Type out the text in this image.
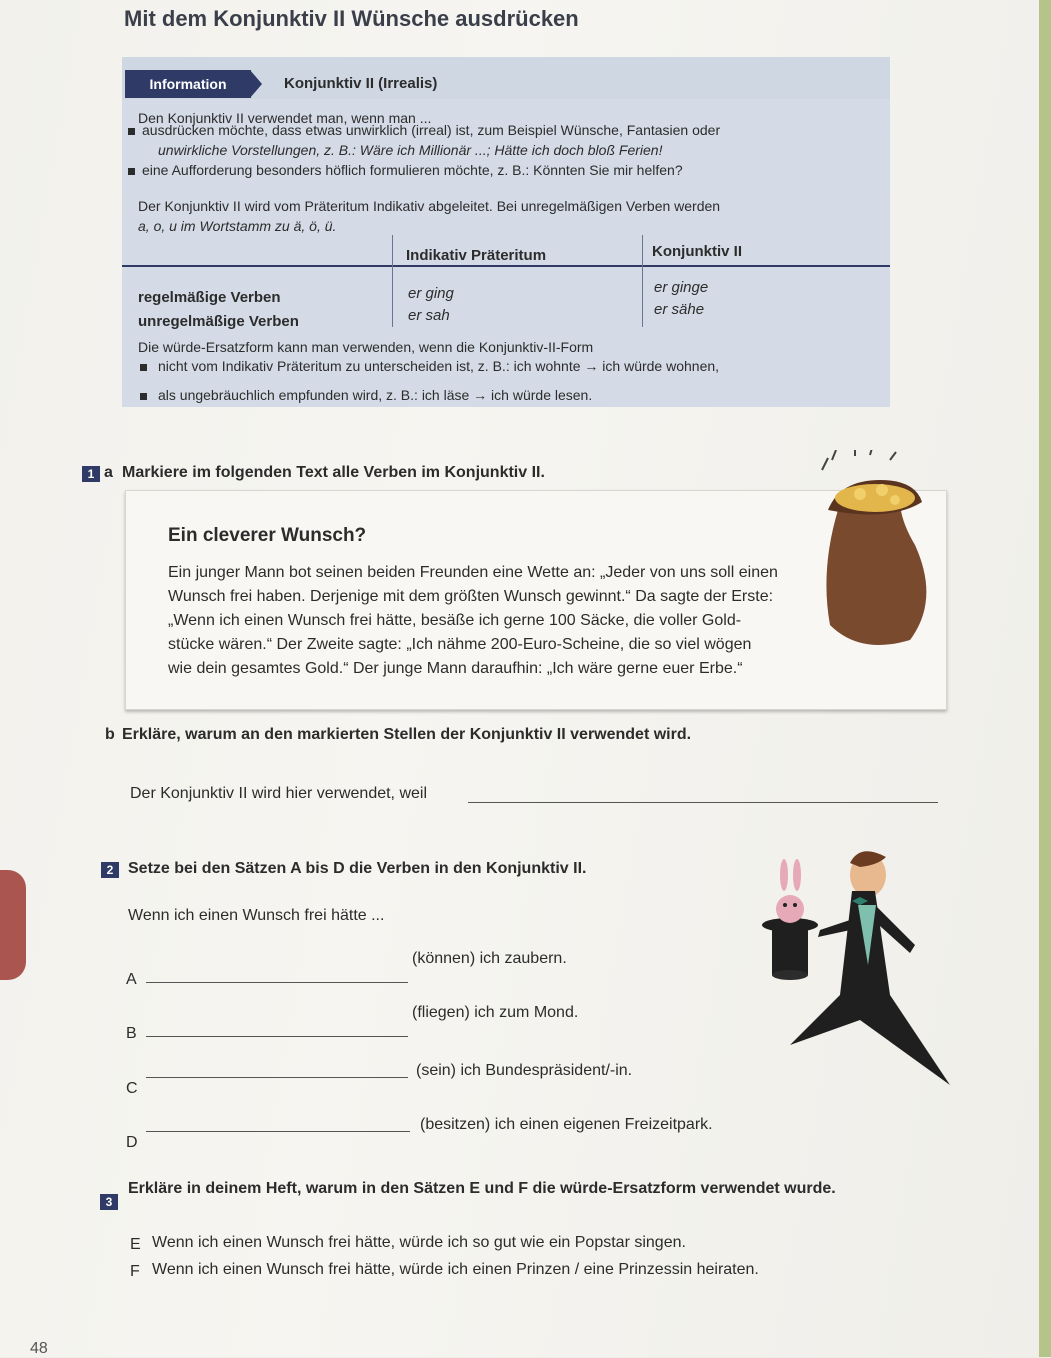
Mit dem Konjunktiv II Wünsche ausdrücken
Information	Konjunktiv II (Irrealis)
Den Konjunktiv II verwendet man, wenn man ...
ausdrücken möchte, dass etwas unwirklich (irreal) ist, zum Beispiel Wünsche, Fantasien oder
unwirkliche Vorstellungen, z. B.: Wäre ich Millionär ...; Hätte ich doch bloß Ferien!
eine Aufforderung besonders höflich formulieren möchte, z. B.: Könnten Sie mir helfen?
Der Konjunktiv II wird vom Präteritum Indikativ abgeleitet. Bei unregelmäßigen Verben werden
a, o, u im Wortstamm zu ä, ö, ü.
Indikativ Präteritum	Konjunktiv II
regelmäßige Verben	er ging	er ginge
unregelmäßige Verben	er sah	er sähe
Die würde-Ersatzform kann man verwenden, wenn die Konjunktiv-II-Form
nicht vom Indikativ Präteritum zu unterscheiden ist, z. B.: ich wohnte → ich würde wohnen,
als ungebräuchlich empfunden wird, z. B.: ich läse → ich würde lesen.
1 a Markiere im folgenden Text alle Verben im Konjunktiv II.
Ein cleverer Wunsch?
Ein junger Mann bot seinen beiden Freunden eine Wette an: „Jeder von uns soll einen
Wunsch frei haben. Derjenige mit dem größten Wunsch gewinnt.“ Da sagte der Erste:
„Wenn ich einen Wunsch frei hätte, besäße ich gerne 100 Säcke, die voller Gold-
stücke wären.“ Der Zweite sagte: „Ich nähme 200-Euro-Scheine, die so viel wögen
wie dein gesamtes Gold.“ Der junge Mann daraufhin: „Ich wäre gerne euer Erbe.“
b Erkläre, warum an den markierten Stellen der Konjunktiv II verwendet wird.
Der Konjunktiv II wird hier verwendet, weil
2 Setze bei den Sätzen A bis D die Verben in den Konjunktiv II.
Wenn ich einen Wunsch frei hätte ...
A
(können) ich zaubern.
B
(fliegen) ich zum Mond.
C
(sein) ich Bundespräsident/-in.
D
(besitzen) ich einen eigenen Freizeitpark.
3
Erkläre in deinem Heft, warum in den Sätzen E und F die würde-Ersatzform verwendet wurde.
E Wenn ich einen Wunsch frei hätte, würde ich so gut wie ein Popstar singen.
F Wenn ich einen Wunsch frei hätte, würde ich einen Prinzen / eine Prinzessin heiraten.
48
